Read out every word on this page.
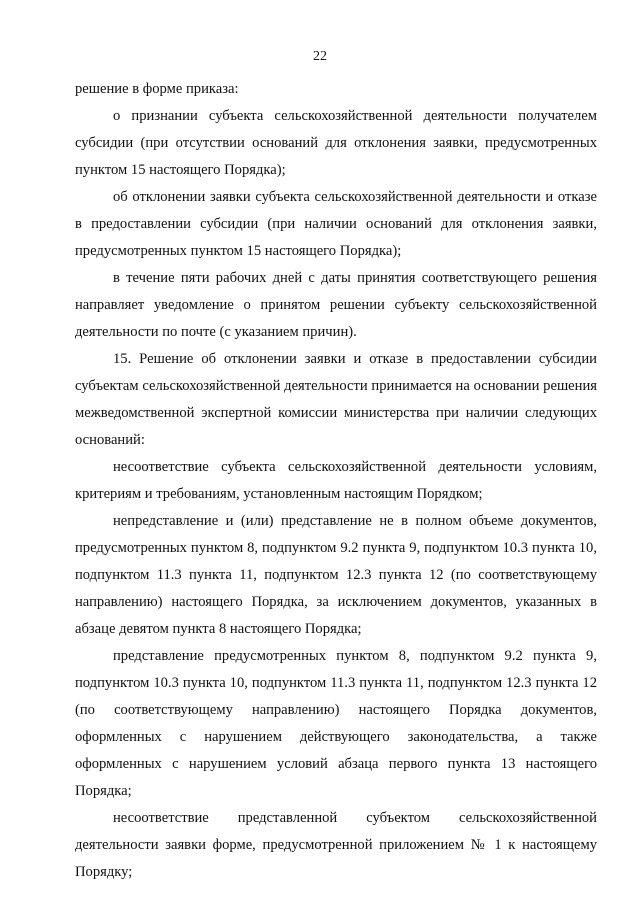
22

решение в форме приказа:

о признании субъекта сельскохозяйственной деятельности получателем субсидии (при отсутствии оснований для отклонения заявки, предусмотренных пунктом 15 настоящего Порядка);

об отклонении заявки субъекта сельскохозяйственной деятельности и отказе в предоставлении субсидии (при наличии оснований для отклонения заявки, предусмотренных пунктом 15 настоящего Порядка);

в течение пяти рабочих дней с даты принятия соответствующего решения направляет уведомление о принятом решении субъекту сельскохозяйственной деятельности по почте (с указанием причин).

15. Решение об отклонении заявки и отказе в предоставлении субсидии субъектам сельскохозяйственной деятельности принимается на основании решения межведомственной экспертной комиссии министерства при наличии следующих оснований:

несоответствие субъекта сельскохозяйственной деятельности условиям, критериям и требованиям, установленным настоящим Порядком;

непредставление и (или) представление не в полном объеме документов, предусмотренных пунктом 8, подпунктом 9.2 пункта 9, подпунктом 10.3 пункта 10, подпунктом 11.3 пункта 11, подпунктом 12.3 пункта 12 (по соответствующему направлению) настоящего Порядка, за исключением документов, указанных в абзаце девятом пункта 8 настоящего Порядка;

представление предусмотренных пунктом 8, подпунктом 9.2 пункта 9, подпунктом 10.3 пункта 10, подпунктом 11.3 пункта 11, подпунктом 12.3 пункта 12 (по соответствующему направлению) настоящего Порядка документов, оформленных с нарушением действующего законодательства, а также оформленных с нарушением условий абзаца первого пункта 13 настоящего Порядка;

несоответствие представленной субъектом сельскохозяйственной деятельности заявки форме, предусмотренной приложением № 1 к настоящему Порядку;
